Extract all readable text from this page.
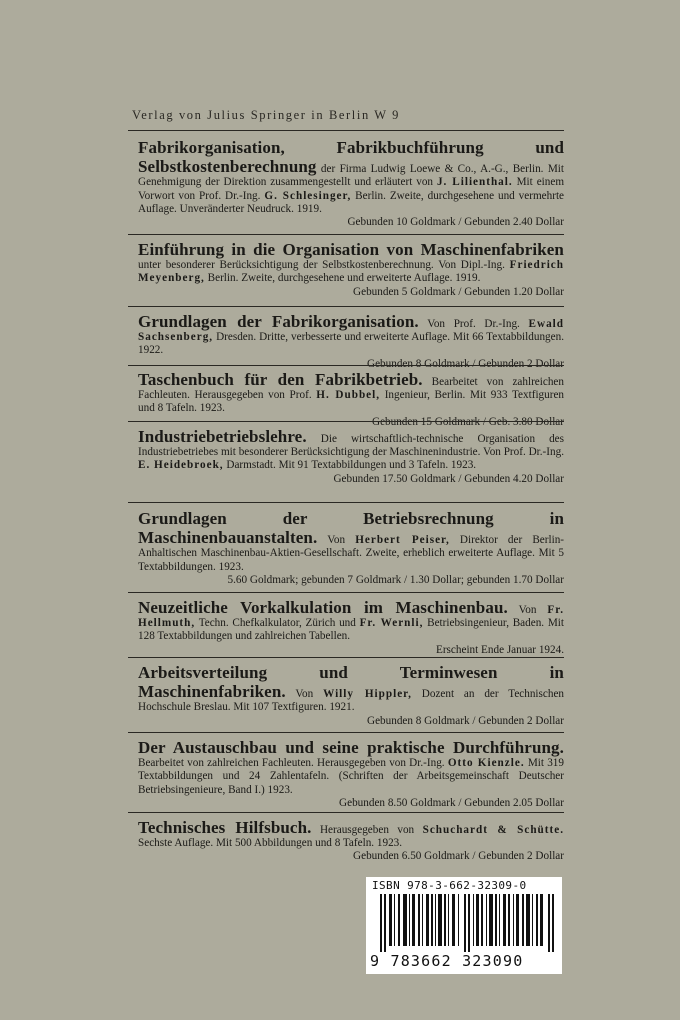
Verlag von Julius Springer in Berlin W 9
Fabrikorganisation, Fabrikbuchführung und Selbstkostenberechnung der Firma Ludwig Loewe & Co., A.-G., Berlin. Mit Genehmigung der Direktion zusammengestellt und erläutert von J. Lilienthal. Mit einem Vorwort von Prof. Dr.-Ing. G. Schlesinger, Berlin. Zweite, durchgesehene und vermehrte Auflage. Unveränderter Neudruck. 1919.
Gebunden 10 Goldmark / Gebunden 2.40 Dollar
Einführung in die Organisation von Maschinenfabriken unter besonderer Berücksichtigung der Selbstkostenberechnung. Von Dipl.-Ing. Friedrich Meyenberg, Berlin. Zweite, durchgesehene und erweiterte Auflage. 1919.
Gebunden 5 Goldmark / Gebunden 1.20 Dollar
Grundlagen der Fabrikorganisation. Von Prof. Dr.-Ing. Ewald Sachsenberg, Dresden. Dritte, verbesserte und erweiterte Auflage. Mit 66 Textabbildungen. 1922.
Gebunden 8 Goldmark / Gebunden 2 Dollar
Taschenbuch für den Fabrikbetrieb. Bearbeitet von zahlreichen Fachleuten. Herausgegeben von Prof. H. Dubbel, Ingenieur, Berlin. Mit 933 Textfiguren und 8 Tafeln. 1923.
Gebunden 15 Goldmark / Geb. 3.80 Dollar
Industriebetriebslehre. Die wirtschaftlich-technische Organisation des Industriebetriebes mit besonderer Berücksichtigung der Maschinenindustrie. Von Prof. Dr.-Ing. E. Heidebroek, Darmstadt. Mit 91 Textabbildungen und 3 Tafeln. 1923.
Gebunden 17.50 Goldmark / Gebunden 4.20 Dollar
Grundlagen der Betriebsrechnung in Maschinenbauanstalten. Von Herbert Peiser, Direktor der Berlin-Anhaltischen Maschinenbau-Aktien-Gesellschaft. Zweite, erheblich erweiterte Auflage. Mit 5 Textabbildungen. 1923.
5.60 Goldmark; gebunden 7 Goldmark / 1.30 Dollar; gebunden 1.70 Dollar
Neuzeitliche Vorkalkulation im Maschinenbau. Von Fr. Hellmuth, Techn. Chefkalkulator, Zürich und Fr. Wernli, Betriebsingenieur, Baden. Mit 128 Textabbildungen und zahlreichen Tabellen.
Erscheint Ende Januar 1924.
Arbeitsverteilung und Terminwesen in Maschinenfabriken. Von Willy Hippler, Dozent an der Technischen Hochschule Breslau. Mit 107 Textfiguren. 1921.
Gebunden 8 Goldmark / Gebunden 2 Dollar
Der Austauschbau und seine praktische Durchführung. Bearbeitet von zahlreichen Fachleuten. Herausgegeben von Dr.-Ing. Otto Kienzle. Mit 319 Textabbildungen und 24 Zahlentafeln. (Schriften der Arbeitsgemeinschaft Deutscher Betriebsingenieure, Band I.) 1923.
Gebunden 8.50 Goldmark / Gebunden 2.05 Dollar
Technisches Hilfsbuch. Herausgegeben von Schuchardt & Schütte. Sechste Auflage. Mit 500 Abbildungen und 8 Tafeln. 1923.
Gebunden 6.50 Goldmark / Gebunden 2 Dollar
ISBN 978-3-662-32309-0
9 783662 323090
